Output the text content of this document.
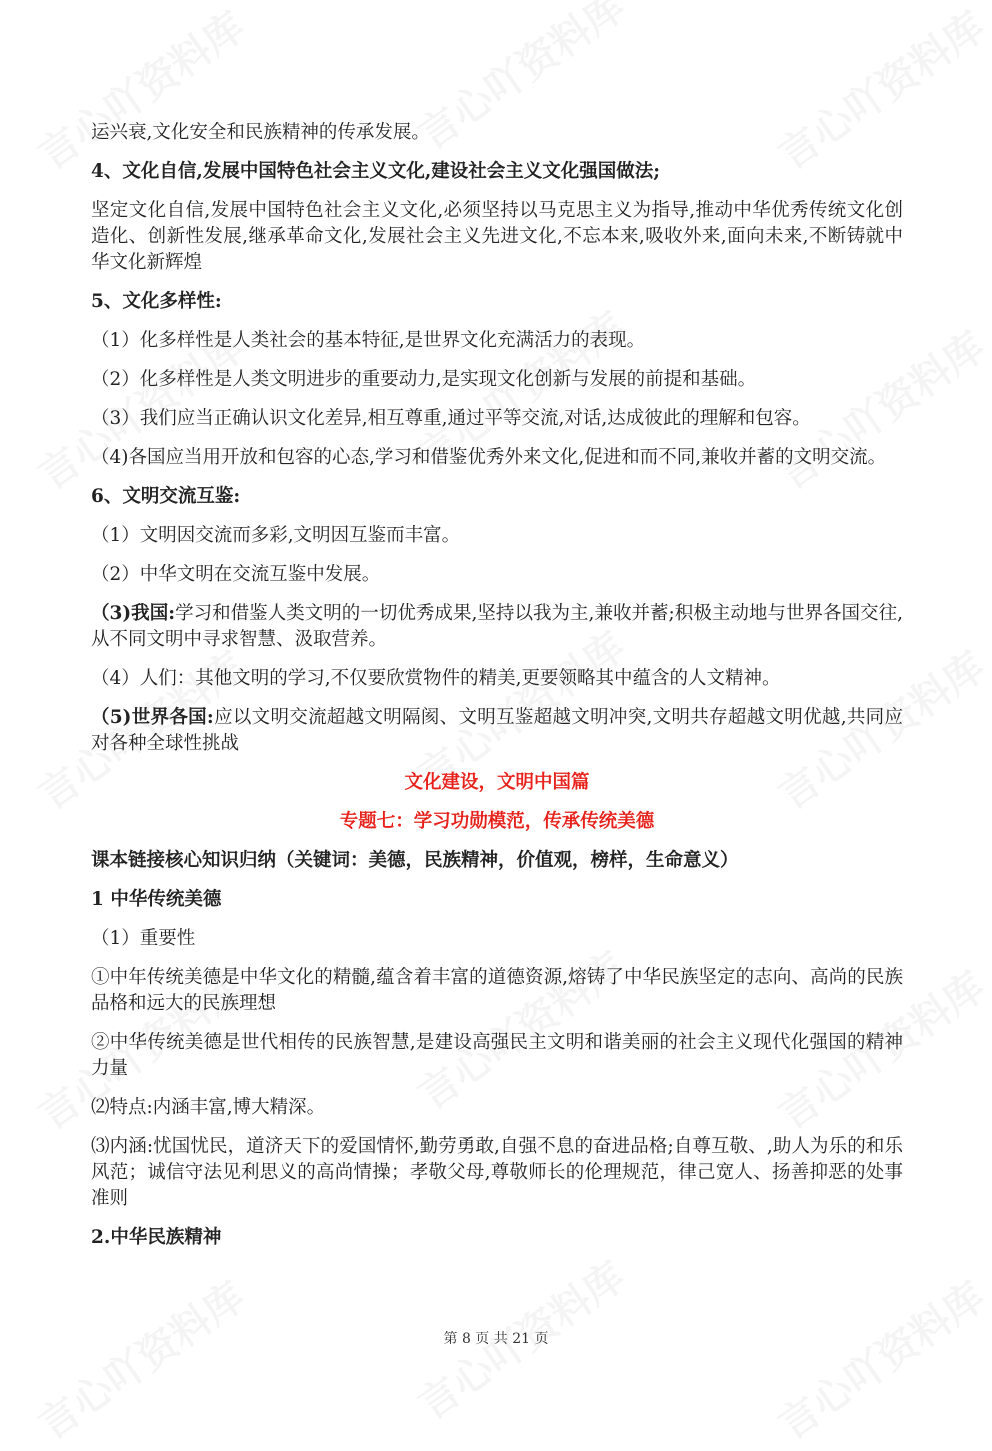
运兴衰,文化安全和民族精神的传承发展。

4、文化自信,发展中国特色社会主义文化,建设社会主义文化强国做法;

坚定文化自信,发展中国特色社会主义文化,必须坚持以马克思主义为指导,推动中华优秀传统文化创造化、创新性发展,继承革命文化,发展社会主义先进文化,不忘本来,吸收外来,面向未来,不断铸就中华文化新辉煌

5、文化多样性:

（1）化多样性是人类社会的基本特征,是世界文化充满活力的表现。

（2）化多样性是人类文明进步的重要动力,是实现文化创新与发展的前提和基础。

（3）我们应当正确认识文化差异,相互尊重,通过平等交流,对话,达成彼此的理解和包容。

（4)各国应当用开放和包容的心态,学习和借鉴优秀外来文化,促进和而不同,兼收并蓄的文明交流。

6、文明交流互鉴:

（1）文明因交流而多彩,文明因互鉴而丰富。

（2）中华文明在交流互鉴中发展。

（3)我国:学习和借鉴人类文明的一切优秀成果,坚持以我为主,兼收并蓄;积极主动地与世界各国交往,从不同文明中寻求智慧、汲取营养。

（4）人们：其他文明的学习,不仅要欣赏物件的精美,更要领略其中蕴含的人文精神。

（5)世界各国:应以文明交流超越文明隔阂、文明互鉴超越文明冲突,文明共存超越文明优越,共同应对各种全球性挑战

文化建设，文明中国篇

专题七：学习功勋模范，传承传统美德

课本链接核心知识归纳（关键词：美德，民族精神，价值观，榜样，生命意义）

1 中华传统美德

（1）重要性

①中年传统美德是中华文化的精髓,蕴含着丰富的道德资源,熔铸了中华民族坚定的志向、高尚的民族品格和远大的民族理想

②中华传统美德是世代相传的民族智慧,是建设高强民主文明和谐美丽的社会主义现代化强国的精神力量

⑵特点:内涵丰富,博大精深。

⑶内涵:忧国忧民，道济天下的爱国情怀,勤劳勇敢,自强不息的奋进品格;自尊互敬、,助人为乐的和乐风范；诚信守法见利思义的高尚情操；孝敬父母,尊敬师长的伦理规范，律己宽人、扬善抑恶的处事准则

2.中华民族精神

第 8 页 共 21 页
